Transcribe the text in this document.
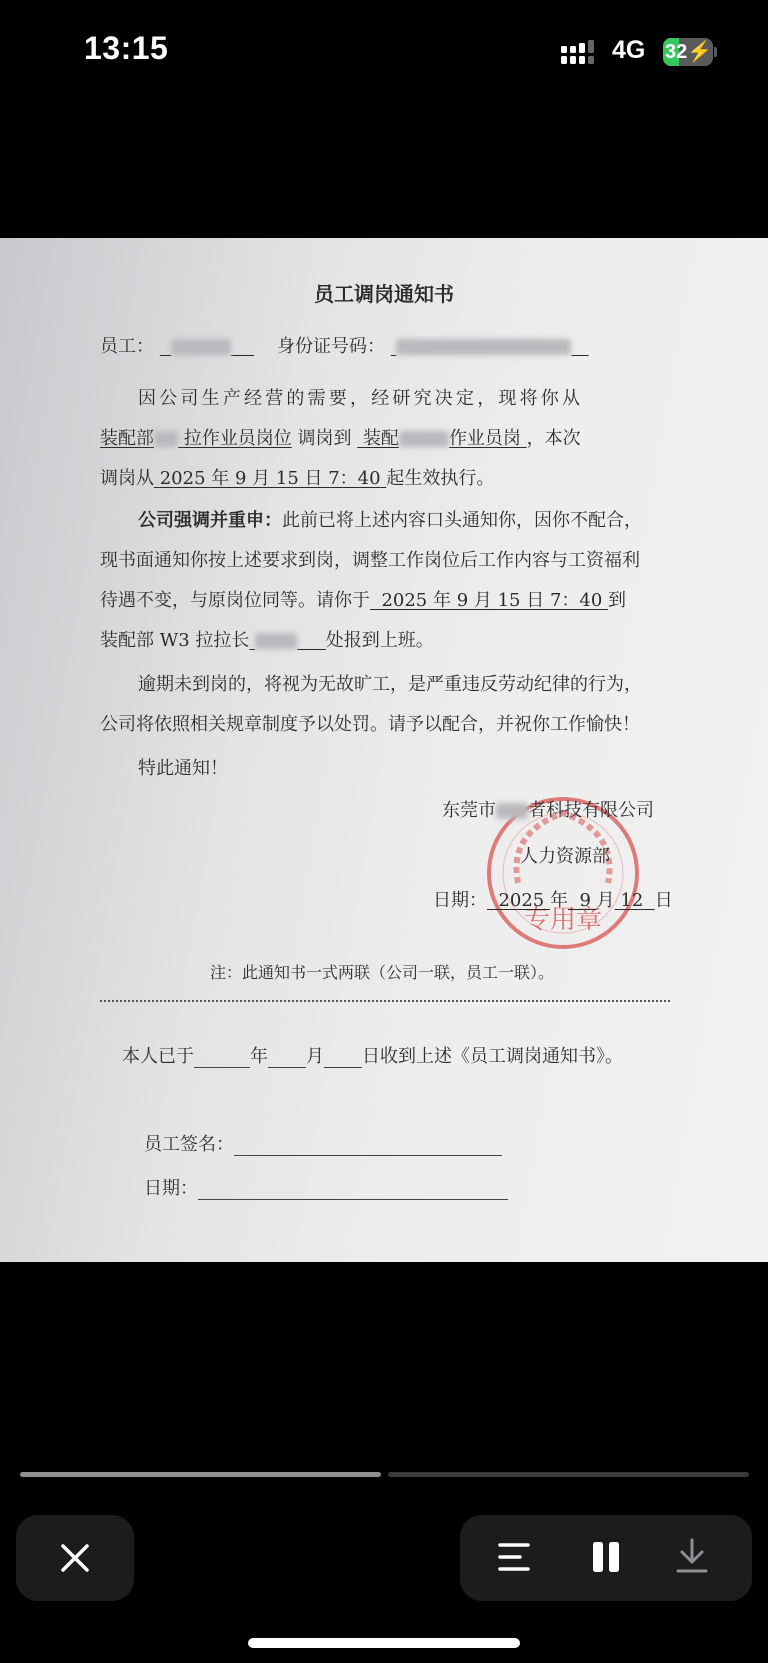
13:15	4G 32⚡
员工调岗通知书
员工：	身份证号码：
因公司生产经营的需要，经研究决定，现将你从
装配部 拉作业员岗位 调岗到 装配	作业员岗 ，本次
调岗从 2025 年 9 月 15 日 7：40 起生效执行。
公司强调并重申：此前已将上述内容口头通知你，因你不配合，
现书面通知你按上述要求到岗，调整工作岗位后工作内容与工资福利
待遇不变，与原岗位同等。请你于 2025 年 9 月 15 日 7：40 到
装配部 W3 拉拉长	处报到上班。
逾期未到岗的，将视为无故旷工，是严重违反劳动纪律的行为，
公司将依照相关规章制度予以处罚。请予以配合，并祝你工作愉快！
特此通知！
专用章
东莞市 者科技有限公司
人力资源部
日期： 2025 年 9 月 12 日
注：此通知书一式两联（公司一联，员工一联）。
本人已于	年 月 日收到上述《员工调岗通知书》。
员工签名：
日期：
